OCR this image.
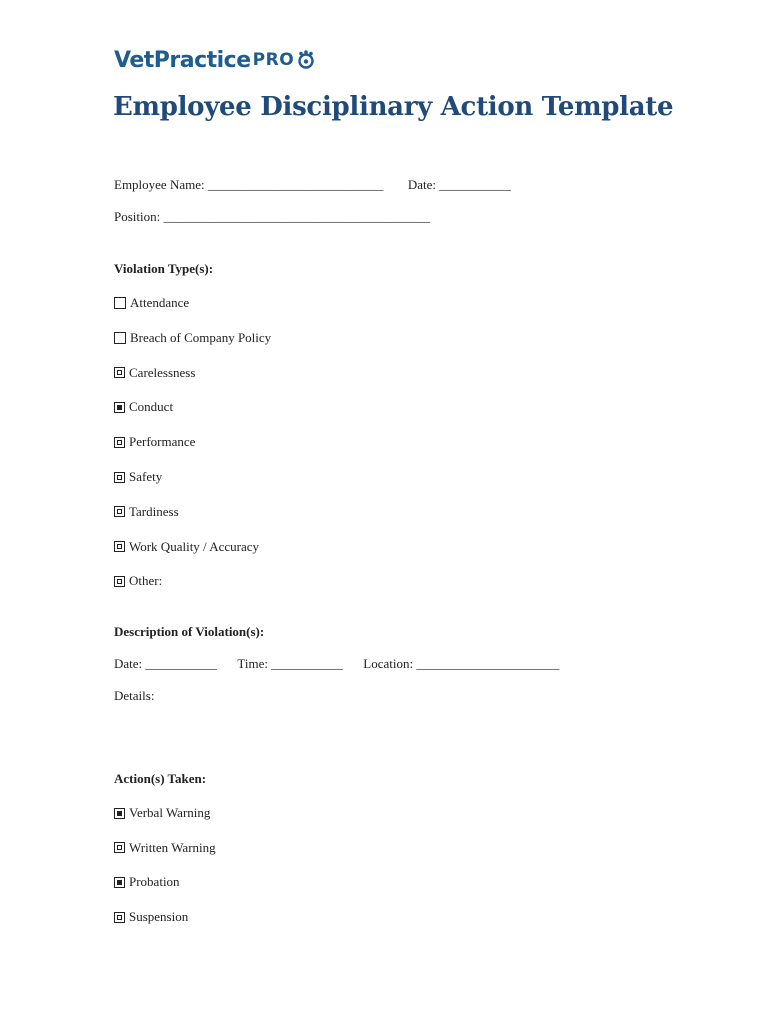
VetPractice PRO
Employee Disciplinary Action Template
Employee Name: ___________________________ Date: ___________
Position: _________________________________________
Violation Type(s):
Attendance
Breach of Company Policy
Carelessness
Conduct
Performance
Safety
Tardiness
Work Quality / Accuracy
Other:
Description of Violation(s):
Date: ___________ Time: ___________ Location: ______________________
Details:
Action(s) Taken:
Verbal Warning
Written Warning
Probation
Suspension
